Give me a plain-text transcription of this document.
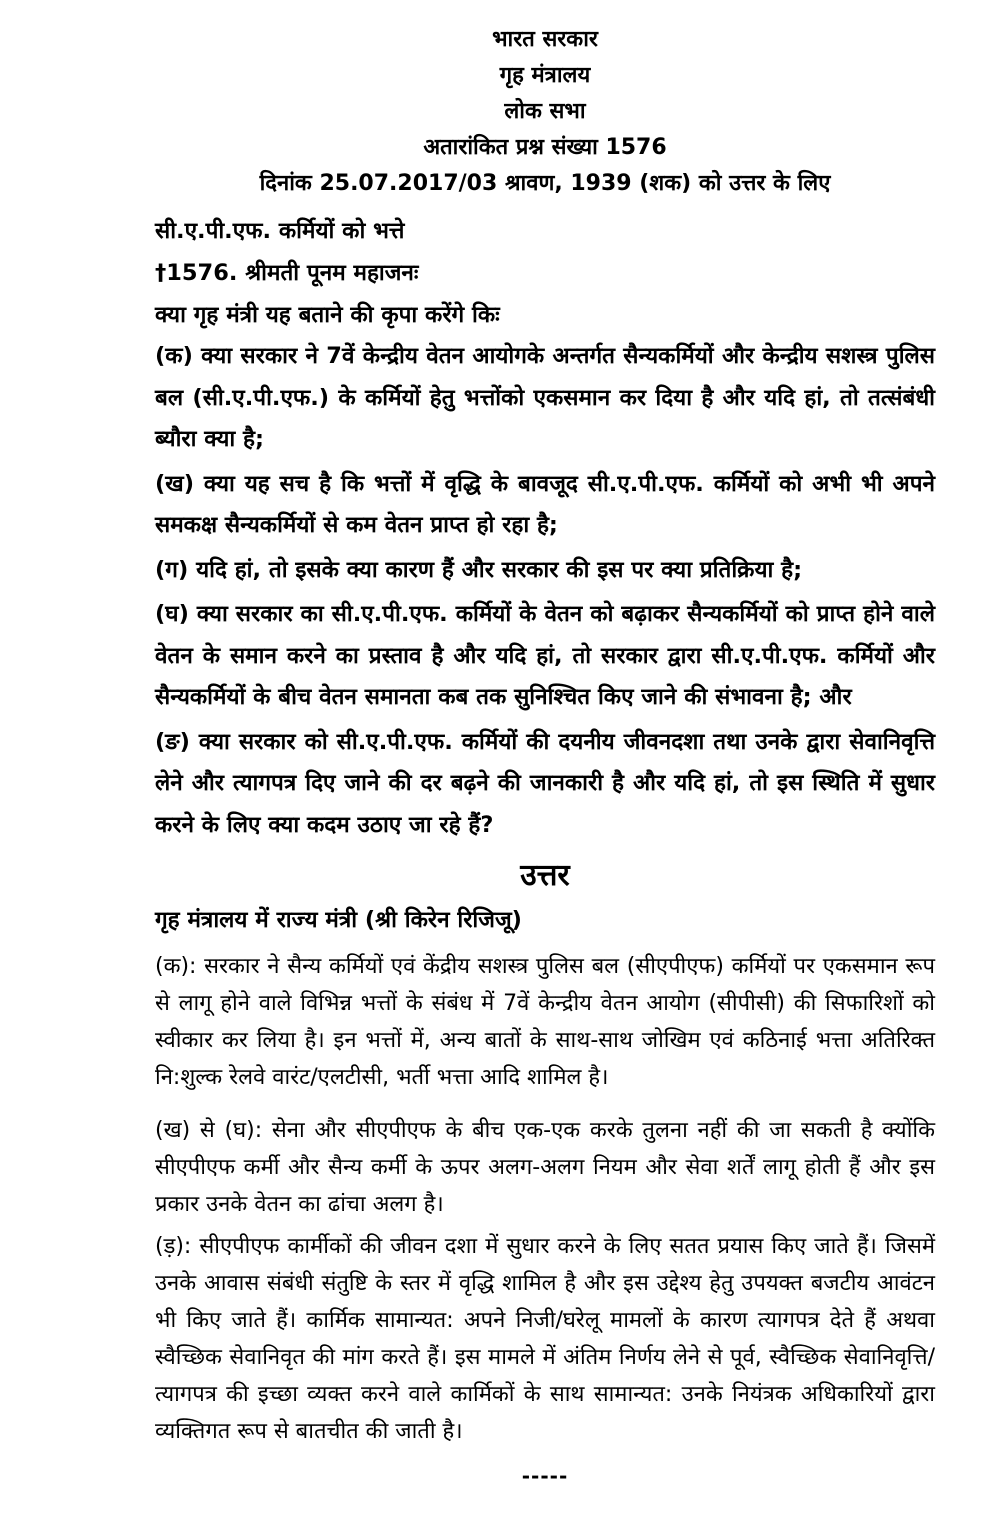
भारत सरकार
गृह मंत्रालय
लोक सभा
अतारांकित प्रश्न संख्या 1576
दिनांक 25.07.2017/03 श्रावण, 1939 (शक) को उत्तर के लिए
सी.ए.पी.एफ. कर्मियों को भत्ते
†1576. श्रीमती पूनम महाजनः
क्या गृह मंत्री यह बताने की कृपा करेंगे किः

(क) क्या सरकार ने 7वें केन्द्रीय वेतन आयोगके अन्तर्गत सैन्यकर्मियों और केन्द्रीय सशस्त्र पुलिस बल (सी.ए.पी.एफ.) के कर्मियों हेतु भत्तोंको एकसमान कर दिया है और यदि हां, तो तत्संबंधी ब्यौरा क्या है;

(ख) क्या यह सच है कि भत्तों में वृद्धि के बावजूद सी.ए.पी.एफ. कर्मियों को अभी भी अपने समकक्ष सैन्यकर्मियों से कम वेतन प्राप्त हो रहा है;

(ग) यदि हां, तो इसके क्या कारण हैं और सरकार की इस पर क्या प्रतिक्रिया है;

(घ) क्या सरकार का सी.ए.पी.एफ. कर्मियों के वेतन को बढ़ाकर सैन्यकर्मियों को प्राप्त होने वाले वेतन के समान करने का प्रस्ताव है और यदि हां, तो सरकार द्वारा सी.ए.पी.एफ. कर्मियों और सैन्यकर्मियों के बीच वेतन समानता कब तक सुनिश्चित किए जाने की संभावना है; और

(ङ) क्या सरकार को सी.ए.पी.एफ. कर्मियों की दयनीय जीवनदशा तथा उनके द्वारा सेवानिवृत्ति लेने और त्यागपत्र दिए जाने की दर बढ़ने की जानकारी है और यदि हां, तो इस स्थिति में सुधार करने के लिए क्या कदम उठाए जा रहे हैं?

उत्तर
गृह मंत्रालय में राज्य मंत्री (श्री किरेन रिजिजू)

(क): सरकार ने सैन्य कर्मियों एवं केंद्रीय सशस्त्र पुलिस बल (सीएपीएफ) कर्मियों पर एकसमान रूप से लागू होने वाले विभिन्न भत्तों के संबंध में 7वें केन्द्रीय वेतन आयोग (सीपीसी) की सिफारिशों को स्वीकार कर लिया है। इन भत्तों में, अन्य बातों के साथ-साथ जोखिम एवं कठिनाई भत्ता अतिरिक्त नि:शुल्क रेलवे वारंट/एलटीसी, भर्ती भत्ता आदि शामिल है।

(ख) से (घ): सेना और सीएपीएफ के बीच एक-एक करके तुलना नहीं की जा सकती है क्योंकि सीएपीएफ कर्मी और सैन्य कर्मी के ऊपर अलग-अलग नियम और सेवा शर्तें लागू होती हैं और इस प्रकार उनके वेतन का ढांचा अलग है।

(ड़): सीएपीएफ कार्मीकों की जीवन दशा में सुधार करने के लिए सतत प्रयास किए जाते हैं। जिसमें उनके आवास संबंधी संतुष्टि के स्तर में वृद्धि शामिल है और इस उद्देश्य हेतु उपयक्त बजटीय आवंटन भी किए जाते हैं। कार्मिक सामान्यत: अपने निजी/घरेलू मामलों के कारण त्यागपत्र देते हैं अथवा स्वैच्छिक सेवानिवृत की मांग करते हैं। इस मामले में अंतिम निर्णय लेने से पूर्व, स्वैच्छिक सेवानिवृत्ति/त्यागपत्र की इच्छा व्यक्त करने वाले कार्मिकों के साथ सामान्यत: उनके नियंत्रक अधिकारियों द्वारा व्यक्तिगत रूप से बातचीत की जाती है।

-----
